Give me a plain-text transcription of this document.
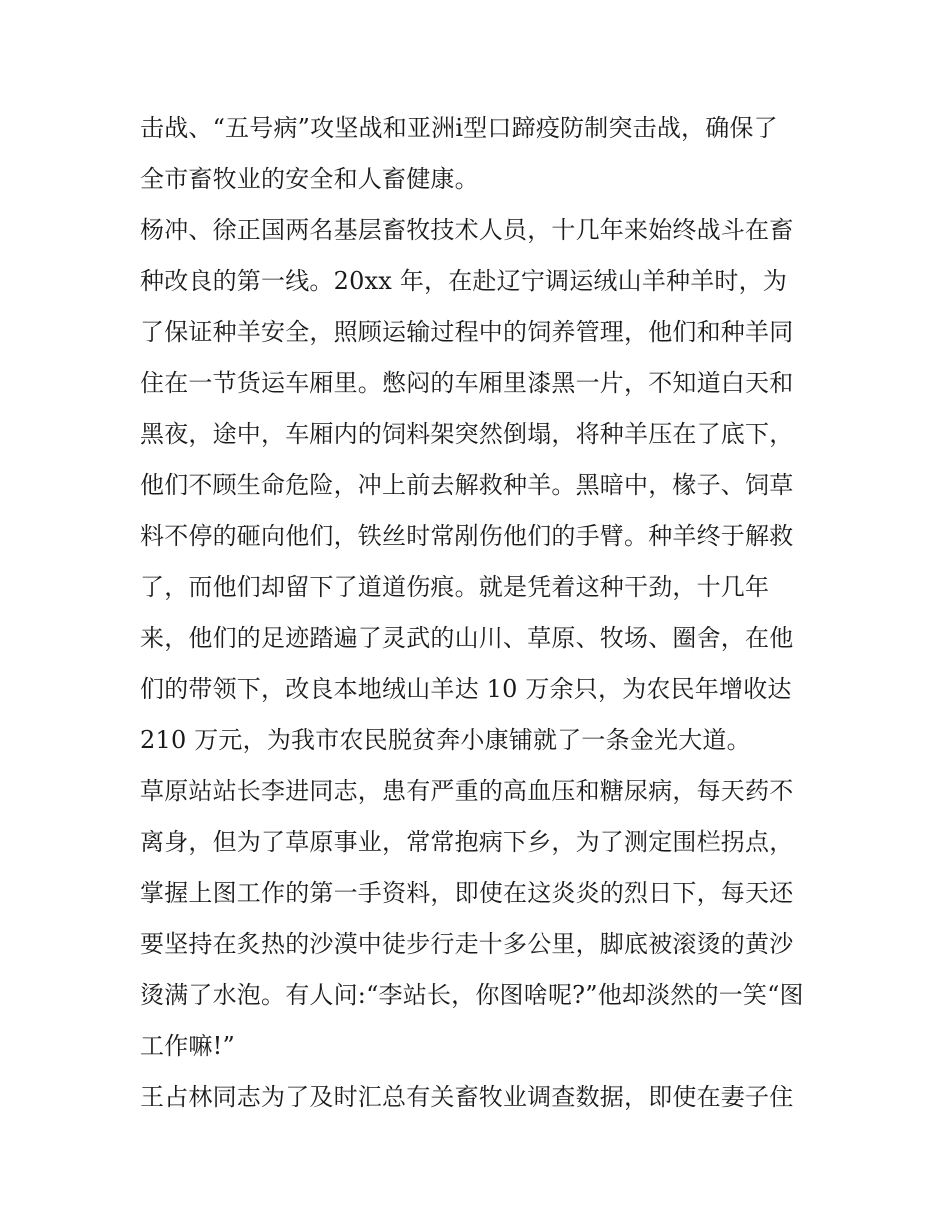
击战、“五号病”攻坚战和亚洲ⅰ型口蹄疫防制突击战，确保了
全市畜牧业的安全和人畜健康。
杨冲、徐正国两名基层畜牧技术人员，十几年来始终战斗在畜
种改良的第一线。20xx 年，在赴辽宁调运绒山羊种羊时，为
了保证种羊安全，照顾运输过程中的饲养管理，他们和种羊同
住在一节货运车厢里。憋闷的车厢里漆黑一片，不知道白天和
黑夜，途中，车厢内的饲料架突然倒塌，将种羊压在了底下，
他们不顾生命危险，冲上前去解救种羊。黑暗中，椽子、饲草
料不停的砸向他们，铁丝时常剐伤他们的手臂。种羊终于解救
了，而他们却留下了道道伤痕。就是凭着这种干劲，十几年
来，他们的足迹踏遍了灵武的山川、草原、牧场、圈舍，在他
们的带领下，改良本地绒山羊达 10 万余只，为农民年增收达
210 万元，为我市农民脱贫奔小康铺就了一条金光大道。
草原站站长李进同志，患有严重的高血压和糖尿病，每天药不
离身，但为了草原事业，常常抱病下乡，为了测定围栏拐点，
掌握上图工作的第一手资料，即使在这炎炎的烈日下，每天还
要坚持在炙热的沙漠中徒步行走十多公里，脚底被滚烫的黄沙
烫满了水泡。有人问:“李站长，你图啥呢?”他却淡然的一笑“图
工作嘛!”
王占林同志为了及时汇总有关畜牧业调查数据，即使在妻子住
